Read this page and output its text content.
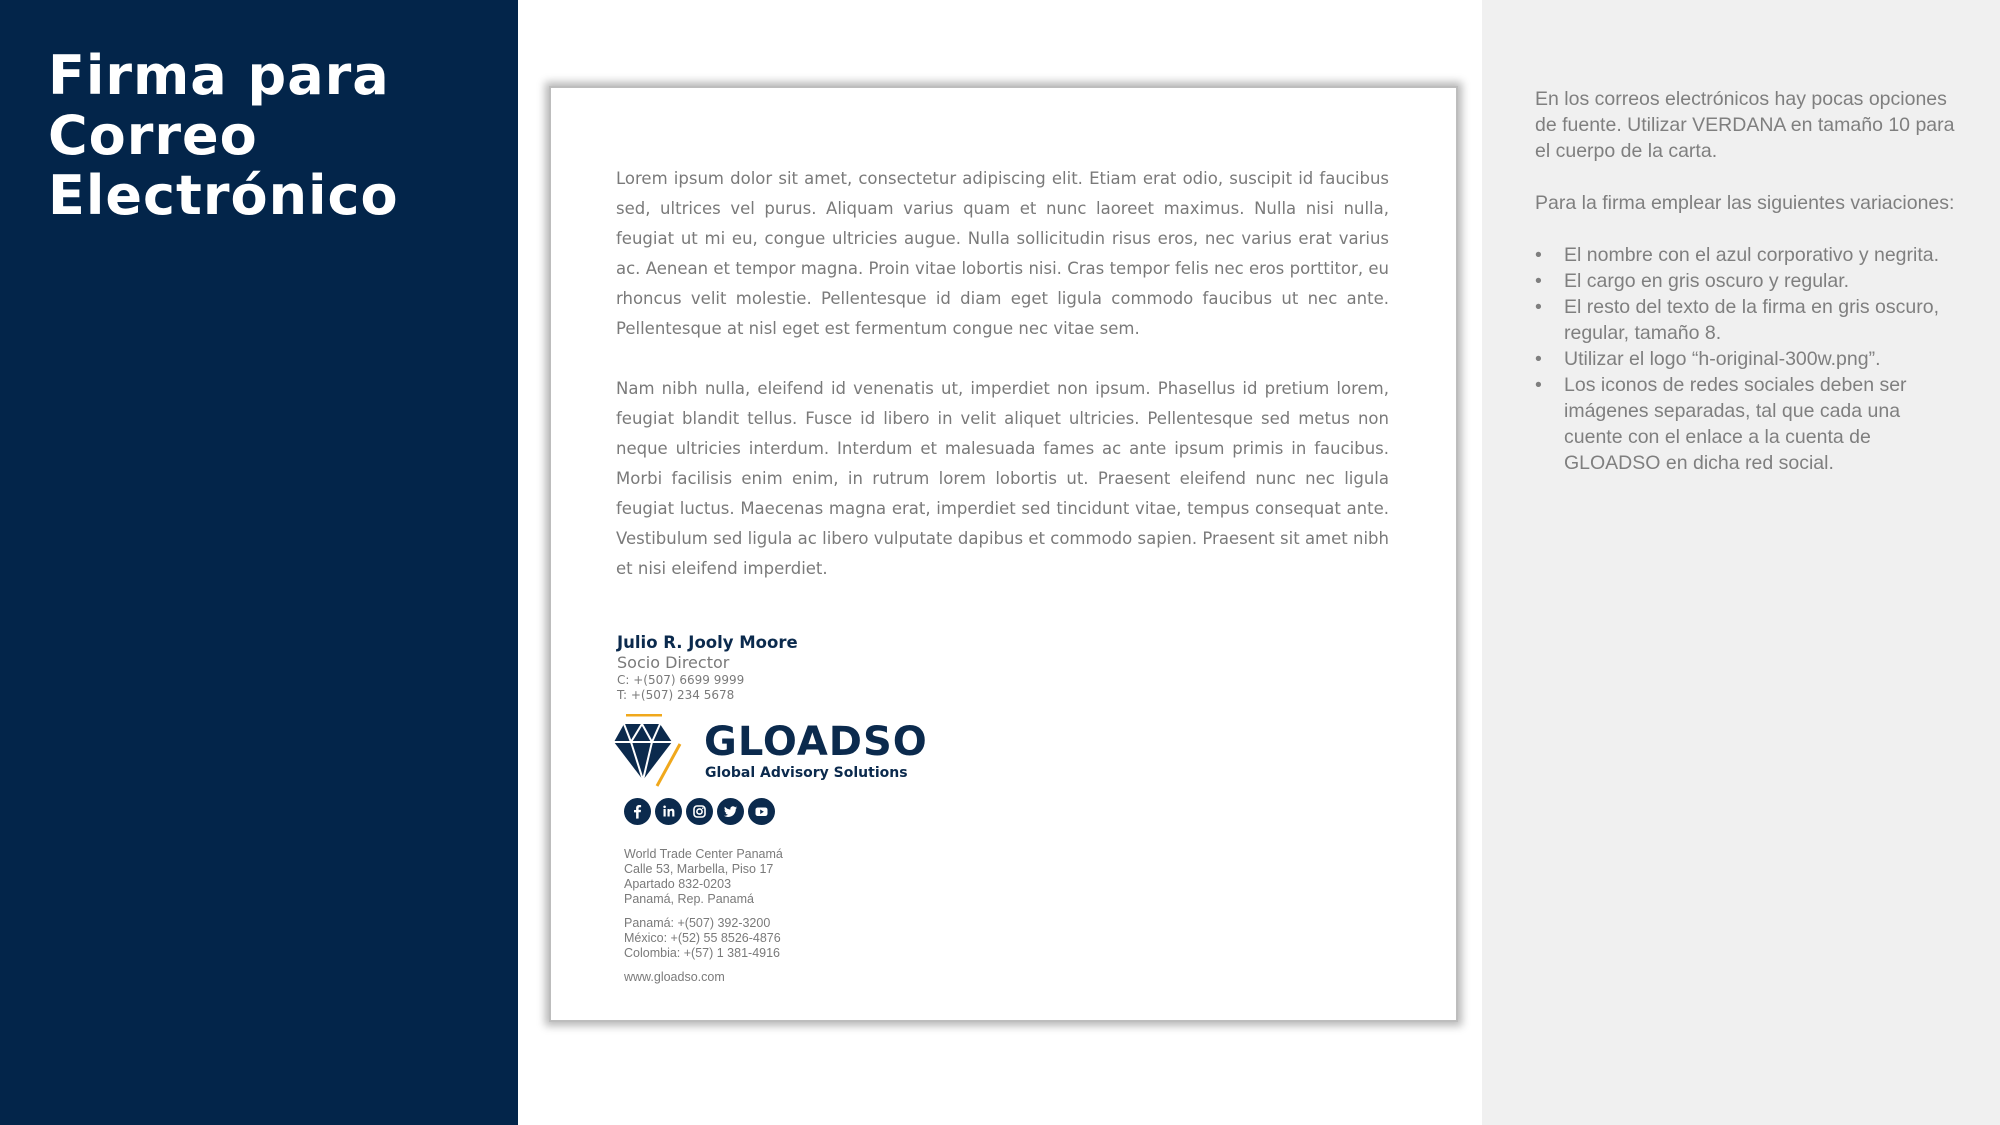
Firma para
Correo
Electrónico	Lorem ipsum dolor sit amet, consectetur adipiscing elit. Etiam erat odio, suscipit id faucibus sed, ultrices vel purus. Aliquam varius quam et nunc laoreet maximus. Nulla nisi nulla, feugiat ut mi eu, congue ultricies augue. Nulla sollicitudin risus eros, nec varius erat varius ac. Aenean et tempor magna. Proin vitae lobortis nisi. Cras tempor felis nec eros porttitor, eu rhoncus velit molestie. Pellentesque id diam eget ligula commodo faucibus ut nec ante. Pellentesque at nisl eget est fermentum congue nec vitae sem.

Nam nibh nulla, eleifend id venenatis ut, imperdiet non ipsum. Phasellus id pretium lorem, feugiat blandit tellus. Fusce id libero in velit aliquet ultricies. Pellentesque sed metus non neque ultricies interdum. Interdum et malesuada fames ac ante ipsum primis in faucibus. Morbi facilisis enim enim, in rutrum lorem lobortis ut. Praesent eleifend nunc nec ligula feugiat luctus. Maecenas magna erat, imperdiet sed tincidunt vitae, tempus consequat ante. Vestibulum sed ligula ac libero vulputate dapibus et commodo sapien. Praesent sit amet nibh et nisi eleifend imperdiet.

Julio R. Jooly Moore
Socio Director
C: +(507) 6699 9999
T: +(507) 234 5678
GLOADSO
Global Advisory Solutions
World Trade Center Panamá
Calle 53, Marbella, Piso 17
Apartado 832-0203
Panamá, Rep. Panamá
Panamá: +(507) 392-3200
México: +(52) 55 8526-4876
Colombia: +(57) 1 381-4916
www.gloadso.com

En los correos electrónicos hay pocas opciones de fuente. Utilizar VERDANA en tamaño 10 para el cuerpo de la carta.

Para la firma emplear las siguientes variaciones:

• El nombre con el azul corporativo y negrita.
• El cargo en gris oscuro y regular.
• El resto del texto de la firma en gris oscuro, regular, tamaño 8.
• Utilizar el logo “h-original-300w.png”.
• Los iconos de redes sociales deben ser imágenes separadas, tal que cada una cuente con el enlace a la cuenta de GLOADSO en dicha red social.
